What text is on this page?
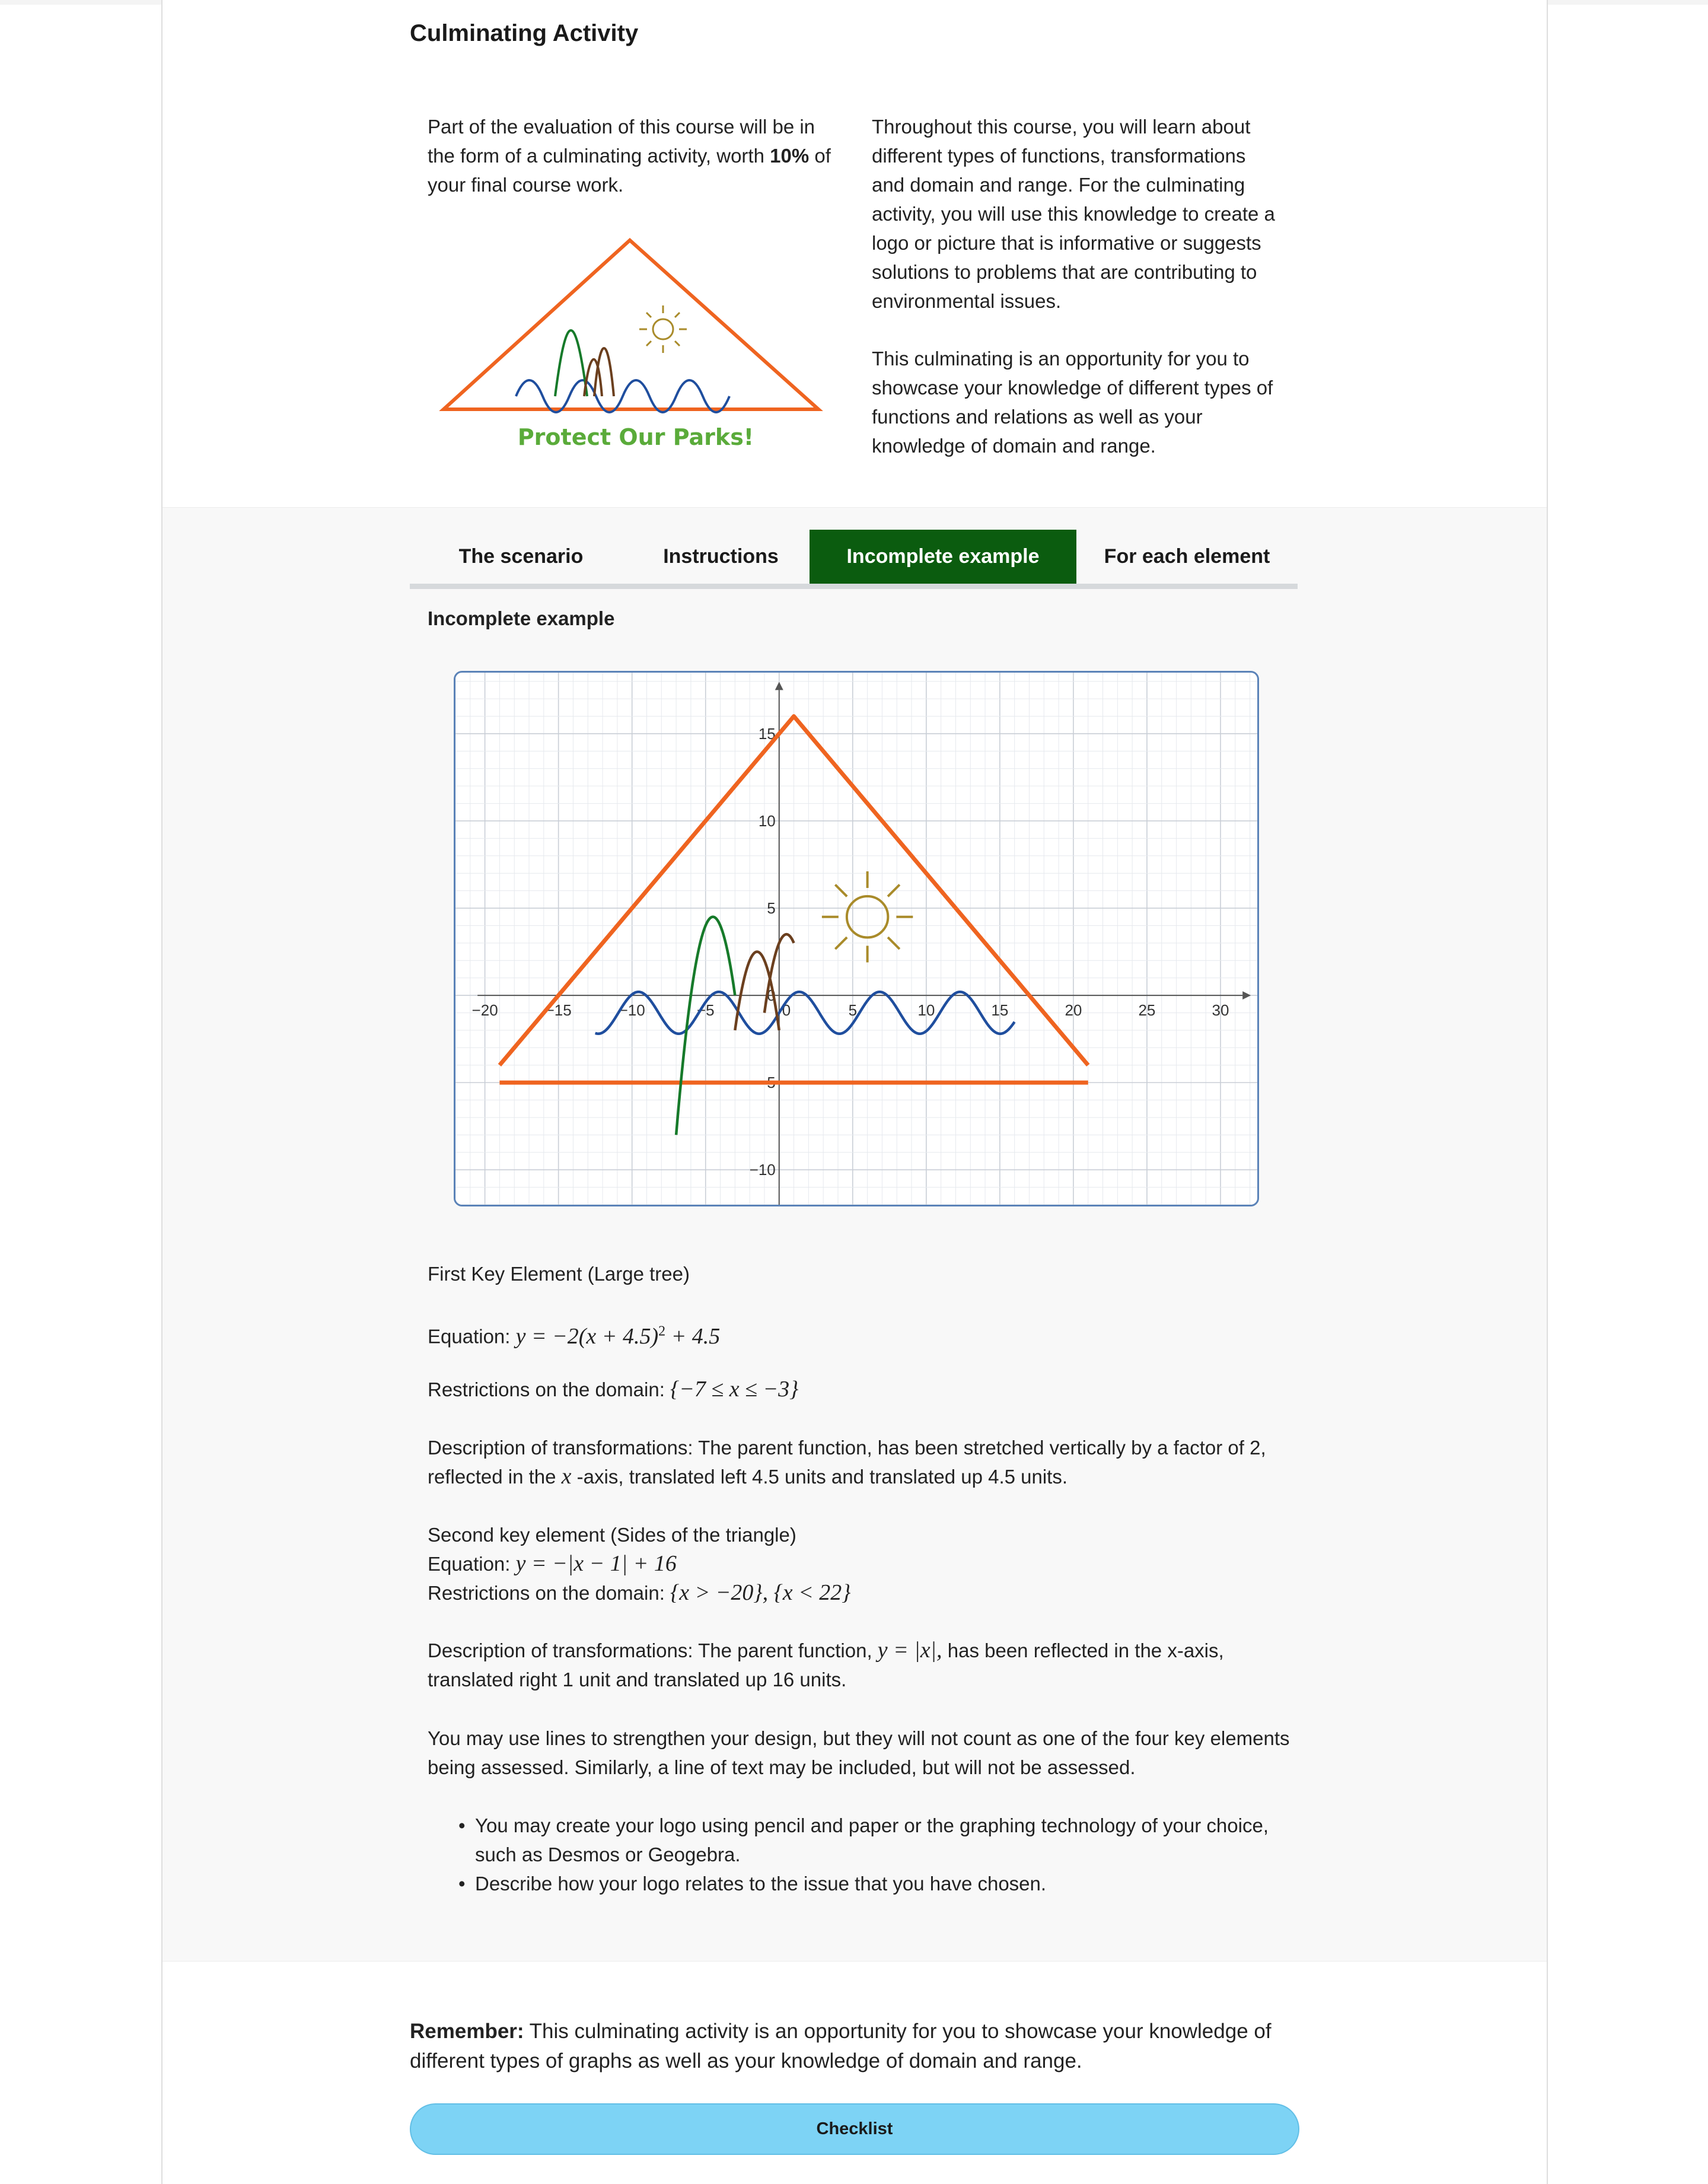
Culminating Activity
Part of the evaluation of this course will be in the form of a culminating activity, worth 10% of your final course work.
Throughout this course, you will learn about different types of functions, transformations and domain and range. For the culminating activity, you will use this knowledge to create a logo or picture that is informative or suggests solutions to problems that are contributing to environmental issues.
This culminating is an opportunity for you to showcase your knowledge of different types of functions and relations as well as your knowledge of domain and range.
Protect Our Parks!
The scenario	Instructions	Incomplete example	For each element
Incomplete example
−20	−15	−10	−5	5	10	15	20	25	30
0
−10
−5
0
5
10
15
First Key Element (Large tree)
Equation: $y = -2(x + 4.5)^2 + 4.5$
Restrictions on the domain: {−7 ≤ x ≤ −3}
Description of transformations: The parent function, has been stretched vertically by a factor of 2, reflected in the x -axis, translated left 4.5 units and translated up 4.5 units.
Second key element (Sides of the triangle)
Equation: y = −|x − 1| + 16
Restrictions on the domain: {x > −20}, {x < 22}
Description of transformations: The parent function, y = |x|, has been reflected in the x-axis, translated right 1 unit and translated up 16 units.
You may use lines to strengthen your design, but they will not count as one of the four key elements being assessed. Similarly, a line of text may be included, but will not be assessed.
• You may create your logo using pencil and paper or the graphing technology of your choice, such as Desmos or Geogebra.
• Describe how your logo relates to the issue that you have chosen.
Remember: This culminating activity is an opportunity for you to showcase your knowledge of different types of graphs as well as your knowledge of domain and range.
Checklist
